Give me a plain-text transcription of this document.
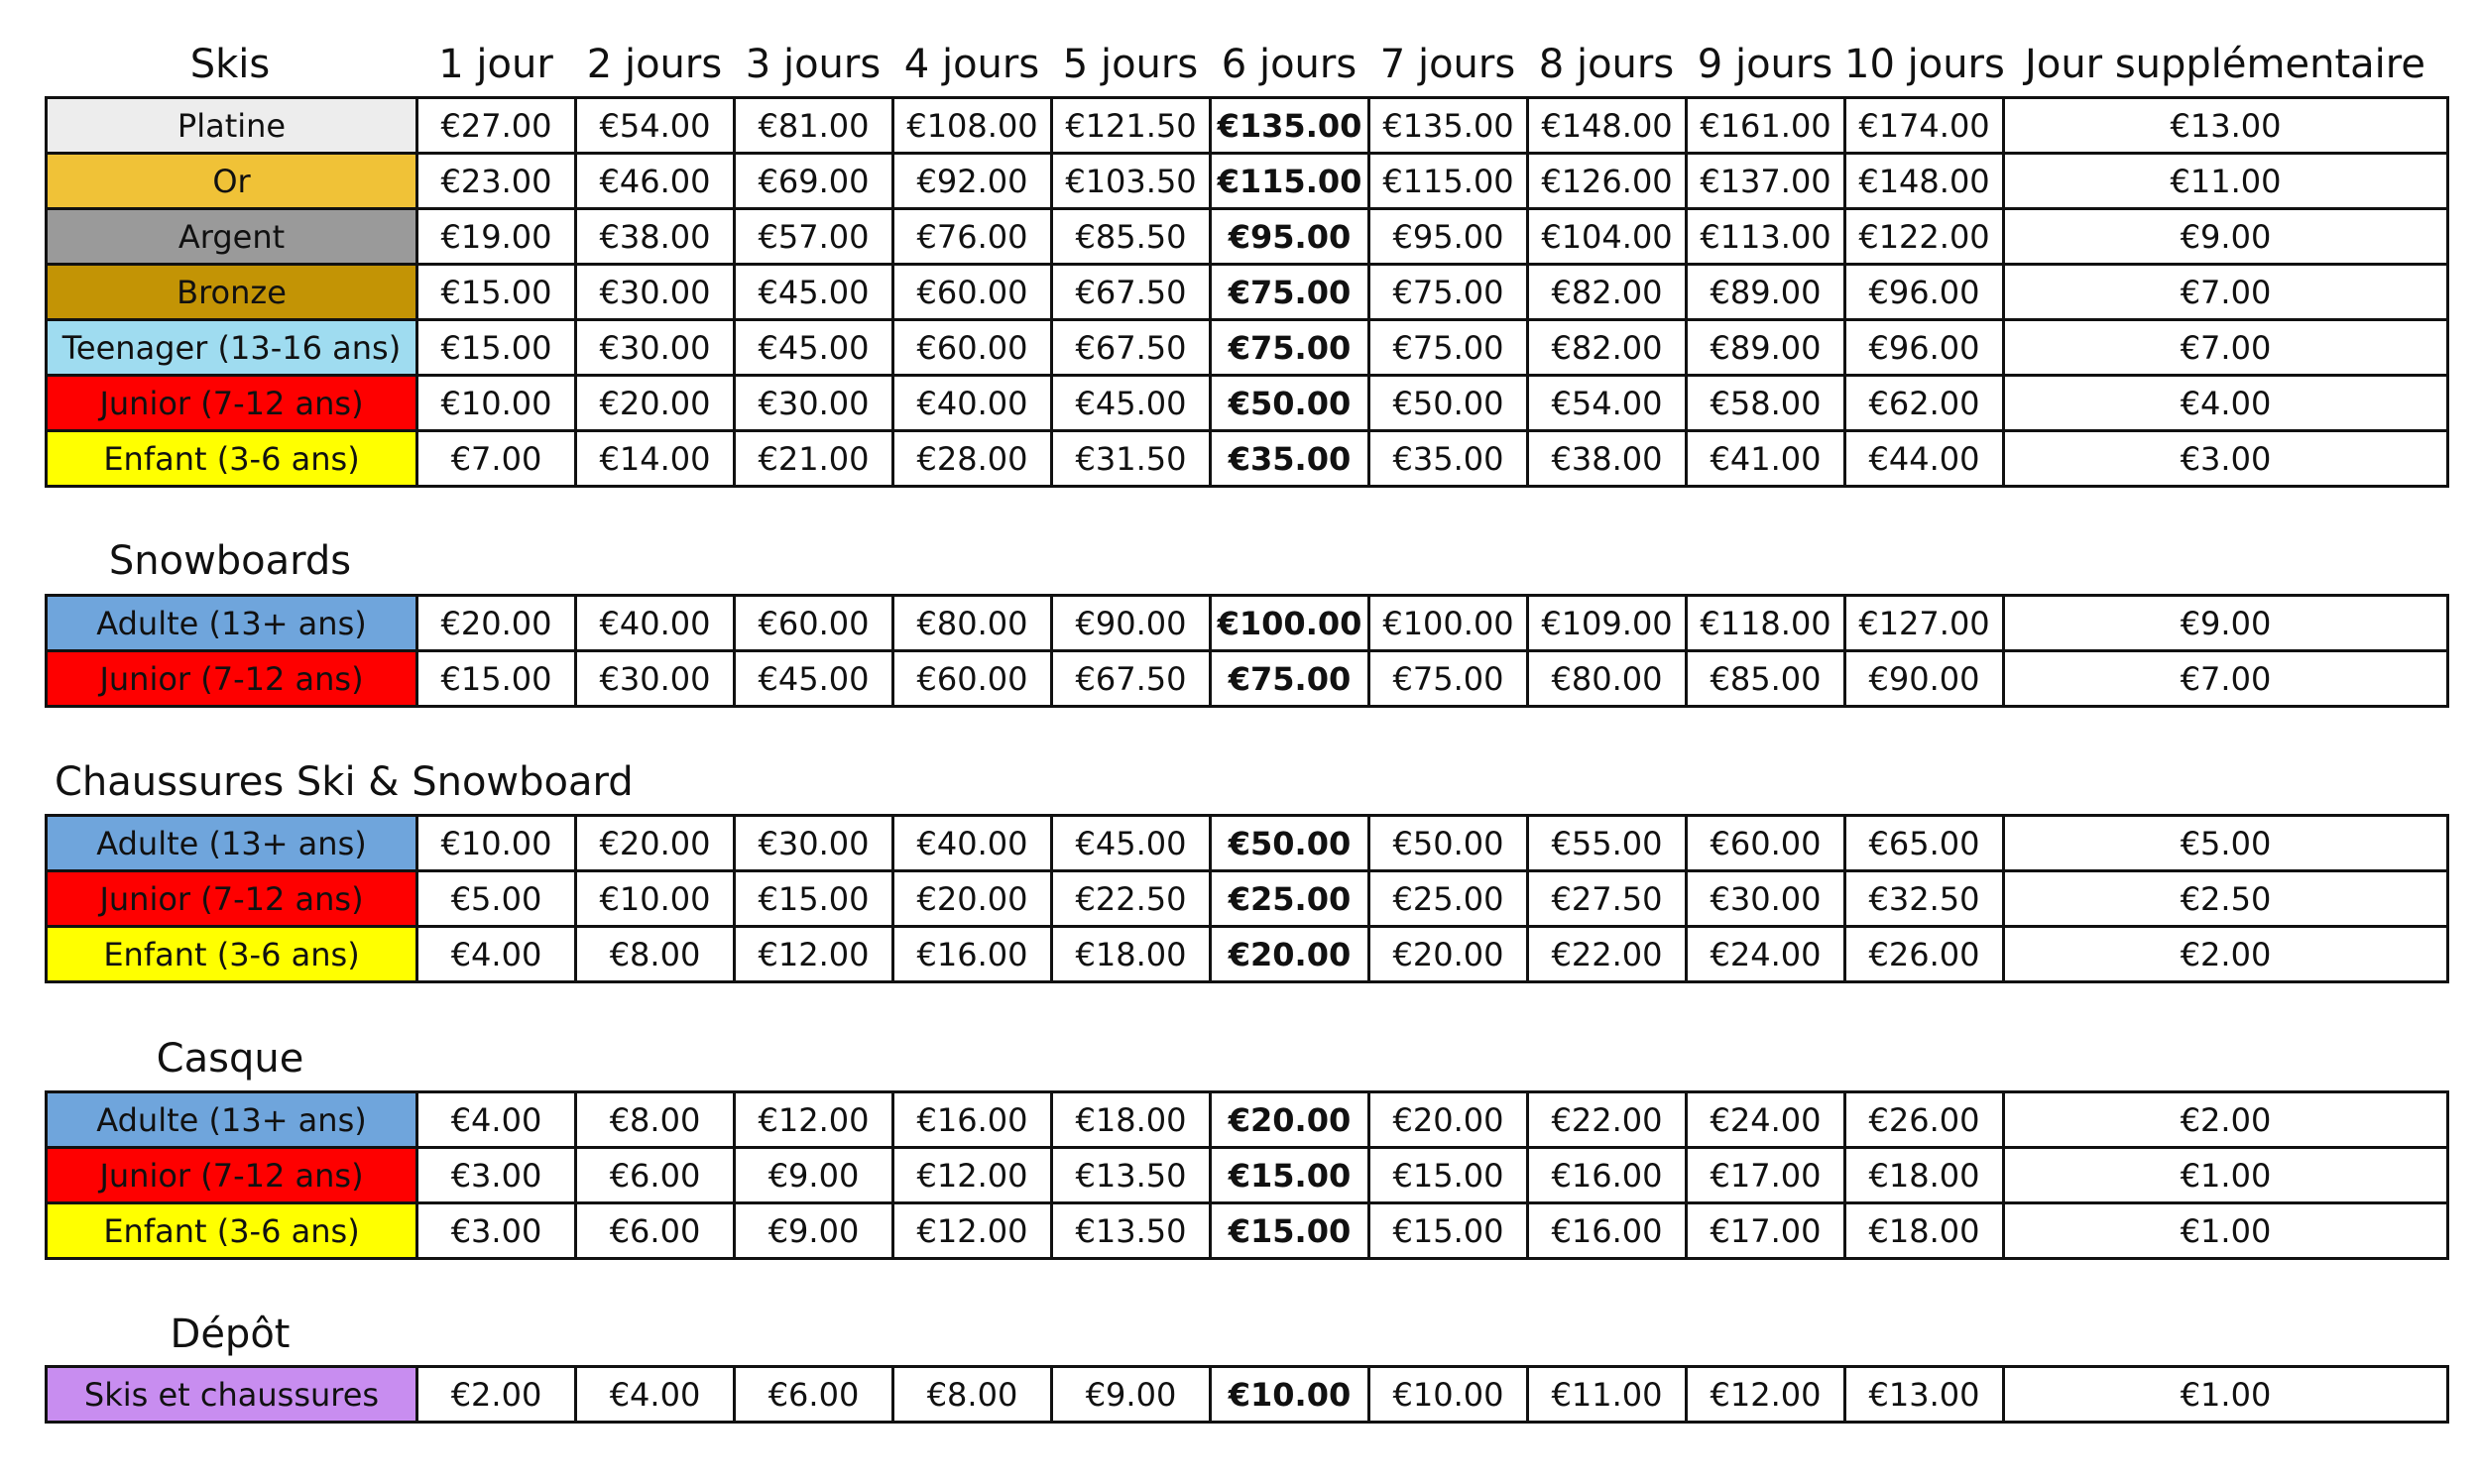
Skis
Snowboards
Chaussures Ski & Snowboard
Casque
Dépôt
1 jour 2 jours 3 jours 4 jours 5 jours 6 jours 7 jours 8 jours 9 jours 10 jours Jour supplémentaire
Platine	€27.00	€54.00	€81.00	€108.00	€121.50	€135.00	€135.00	€148.00	€161.00	€174.00	€13.00
Or	€23.00	€46.00	€69.00	€92.00	€103.50	€115.00	€115.00	€126.00	€137.00	€148.00	€11.00
Argent	€19.00	€38.00	€57.00	€76.00	€85.50	€95.00	€95.00	€104.00	€113.00	€122.00	€9.00
Bronze	€15.00	€30.00	€45.00	€60.00	€67.50	€75.00	€75.00	€82.00	€89.00	€96.00	€7.00
Teenager (13-16 ans)	€15.00	€30.00	€45.00	€60.00	€67.50	€75.00	€75.00	€82.00	€89.00	€96.00	€7.00
Junior (7-12 ans)	€10.00	€20.00	€30.00	€40.00	€45.00	€50.00	€50.00	€54.00	€58.00	€62.00	€4.00
Enfant (3-6 ans)	€7.00	€14.00	€21.00	€28.00	€31.50	€35.00	€35.00	€38.00	€41.00	€44.00	€3.00
Adulte (13+ ans)	€20.00	€40.00	€60.00	€80.00	€90.00	€100.00	€100.00	€109.00	€118.00	€127.00	€9.00
Junior (7-12 ans)	€15.00	€30.00	€45.00	€60.00	€67.50	€75.00	€75.00	€80.00	€85.00	€90.00	€7.00
Adulte (13+ ans)	€10.00	€20.00	€30.00	€40.00	€45.00	€50.00	€50.00	€55.00	€60.00	€65.00	€5.00
Junior (7-12 ans)	€5.00	€10.00	€15.00	€20.00	€22.50	€25.00	€25.00	€27.50	€30.00	€32.50	€2.50
Enfant (3-6 ans)	€4.00	€8.00	€12.00	€16.00	€18.00	€20.00	€20.00	€22.00	€24.00	€26.00	€2.00
Adulte (13+ ans)	€4.00	€8.00	€12.00	€16.00	€18.00	€20.00	€20.00	€22.00	€24.00	€26.00	€2.00
Junior (7-12 ans)	€3.00	€6.00	€9.00	€12.00	€13.50	€15.00	€15.00	€16.00	€17.00	€18.00	€1.00
Enfant (3-6 ans)	€3.00	€6.00	€9.00	€12.00	€13.50	€15.00	€15.00	€16.00	€17.00	€18.00	€1.00
Skis et chaussures	€2.00	€4.00	€6.00	€8.00	€9.00	€10.00	€10.00	€11.00	€12.00	€13.00	€1.00
